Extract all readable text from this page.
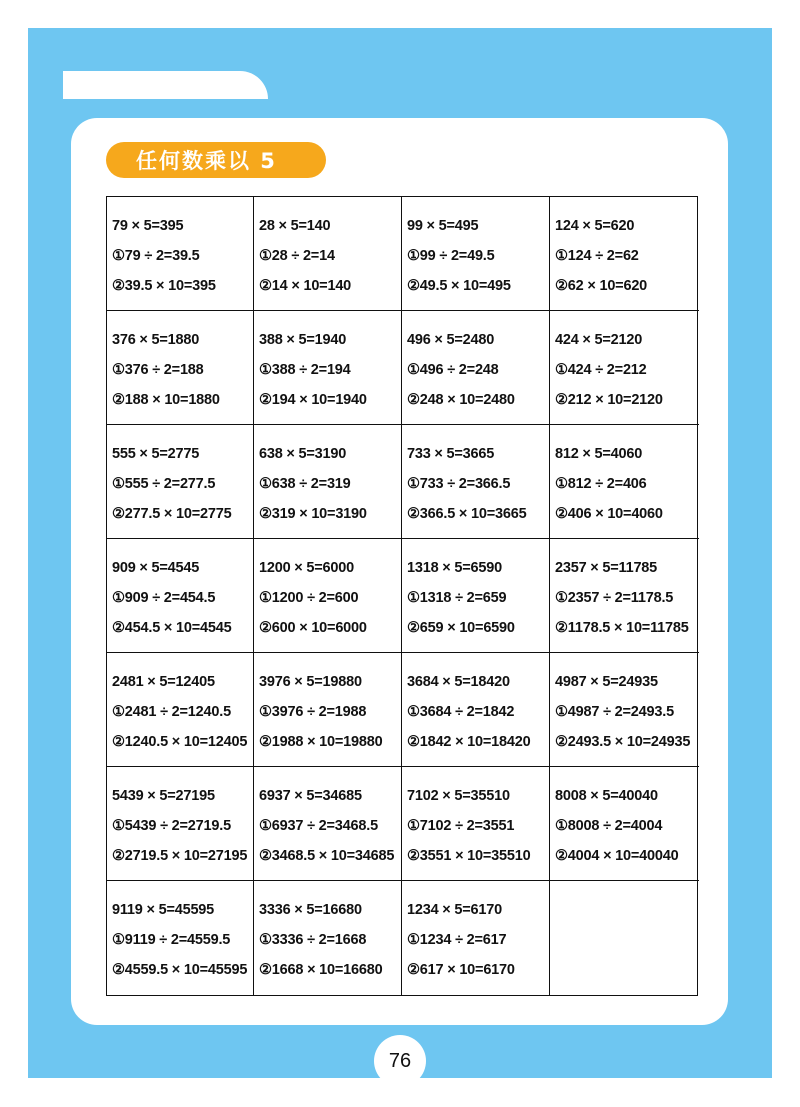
任何数乘以 5
79 × 5=395
①79 ÷ 2=39.5
②39.5 × 10=395
28 × 5=140
①28 ÷ 2=14
②14 × 10=140
99 × 5=495
①99 ÷ 2=49.5
②49.5 × 10=495
124 × 5=620
①124 ÷ 2=62
②62 × 10=620
376 × 5=1880
①376 ÷ 2=188
②188 × 10=1880
388 × 5=1940
①388 ÷ 2=194
②194 × 10=1940
496 × 5=2480
①496 ÷ 2=248
②248 × 10=2480
424 × 5=2120
①424 ÷ 2=212
②212 × 10=2120
555 × 5=2775
①555 ÷ 2=277.5
②277.5 × 10=2775
638 × 5=3190
①638 ÷ 2=319
②319 × 10=3190
733 × 5=3665
①733 ÷ 2=366.5
②366.5 × 10=3665
812 × 5=4060
①812 ÷ 2=406
②406 × 10=4060
909 × 5=4545
①909 ÷ 2=454.5
②454.5 × 10=4545
1200 × 5=6000
①1200 ÷ 2=600
②600 × 10=6000
1318 × 5=6590
①1318 ÷ 2=659
②659 × 10=6590
2357 × 5=11785
①2357 ÷ 2=1178.5
②1178.5 × 10=11785
2481 × 5=12405
①2481 ÷ 2=1240.5
②1240.5 × 10=12405
3976 × 5=19880
①3976 ÷ 2=1988
②1988 × 10=19880
3684 × 5=18420
①3684 ÷ 2=1842
②1842 × 10=18420
4987 × 5=24935
①4987 ÷ 2=2493.5
②2493.5 × 10=24935
5439 × 5=27195
①5439 ÷ 2=2719.5
②2719.5 × 10=27195
6937 × 5=34685
①6937 ÷ 2=3468.5
②3468.5 × 10=34685
7102 × 5=35510
①7102 ÷ 2=3551
②3551 × 10=35510
8008 × 5=40040
①8008 ÷ 2=4004
②4004 × 10=40040
9119 × 5=45595
①9119 ÷ 2=4559.5
②4559.5 × 10=45595
3336 × 5=16680
①3336 ÷ 2=1668
②1668 × 10=16680
1234 × 5=6170
①1234 ÷ 2=617
②617 × 10=6170
76
